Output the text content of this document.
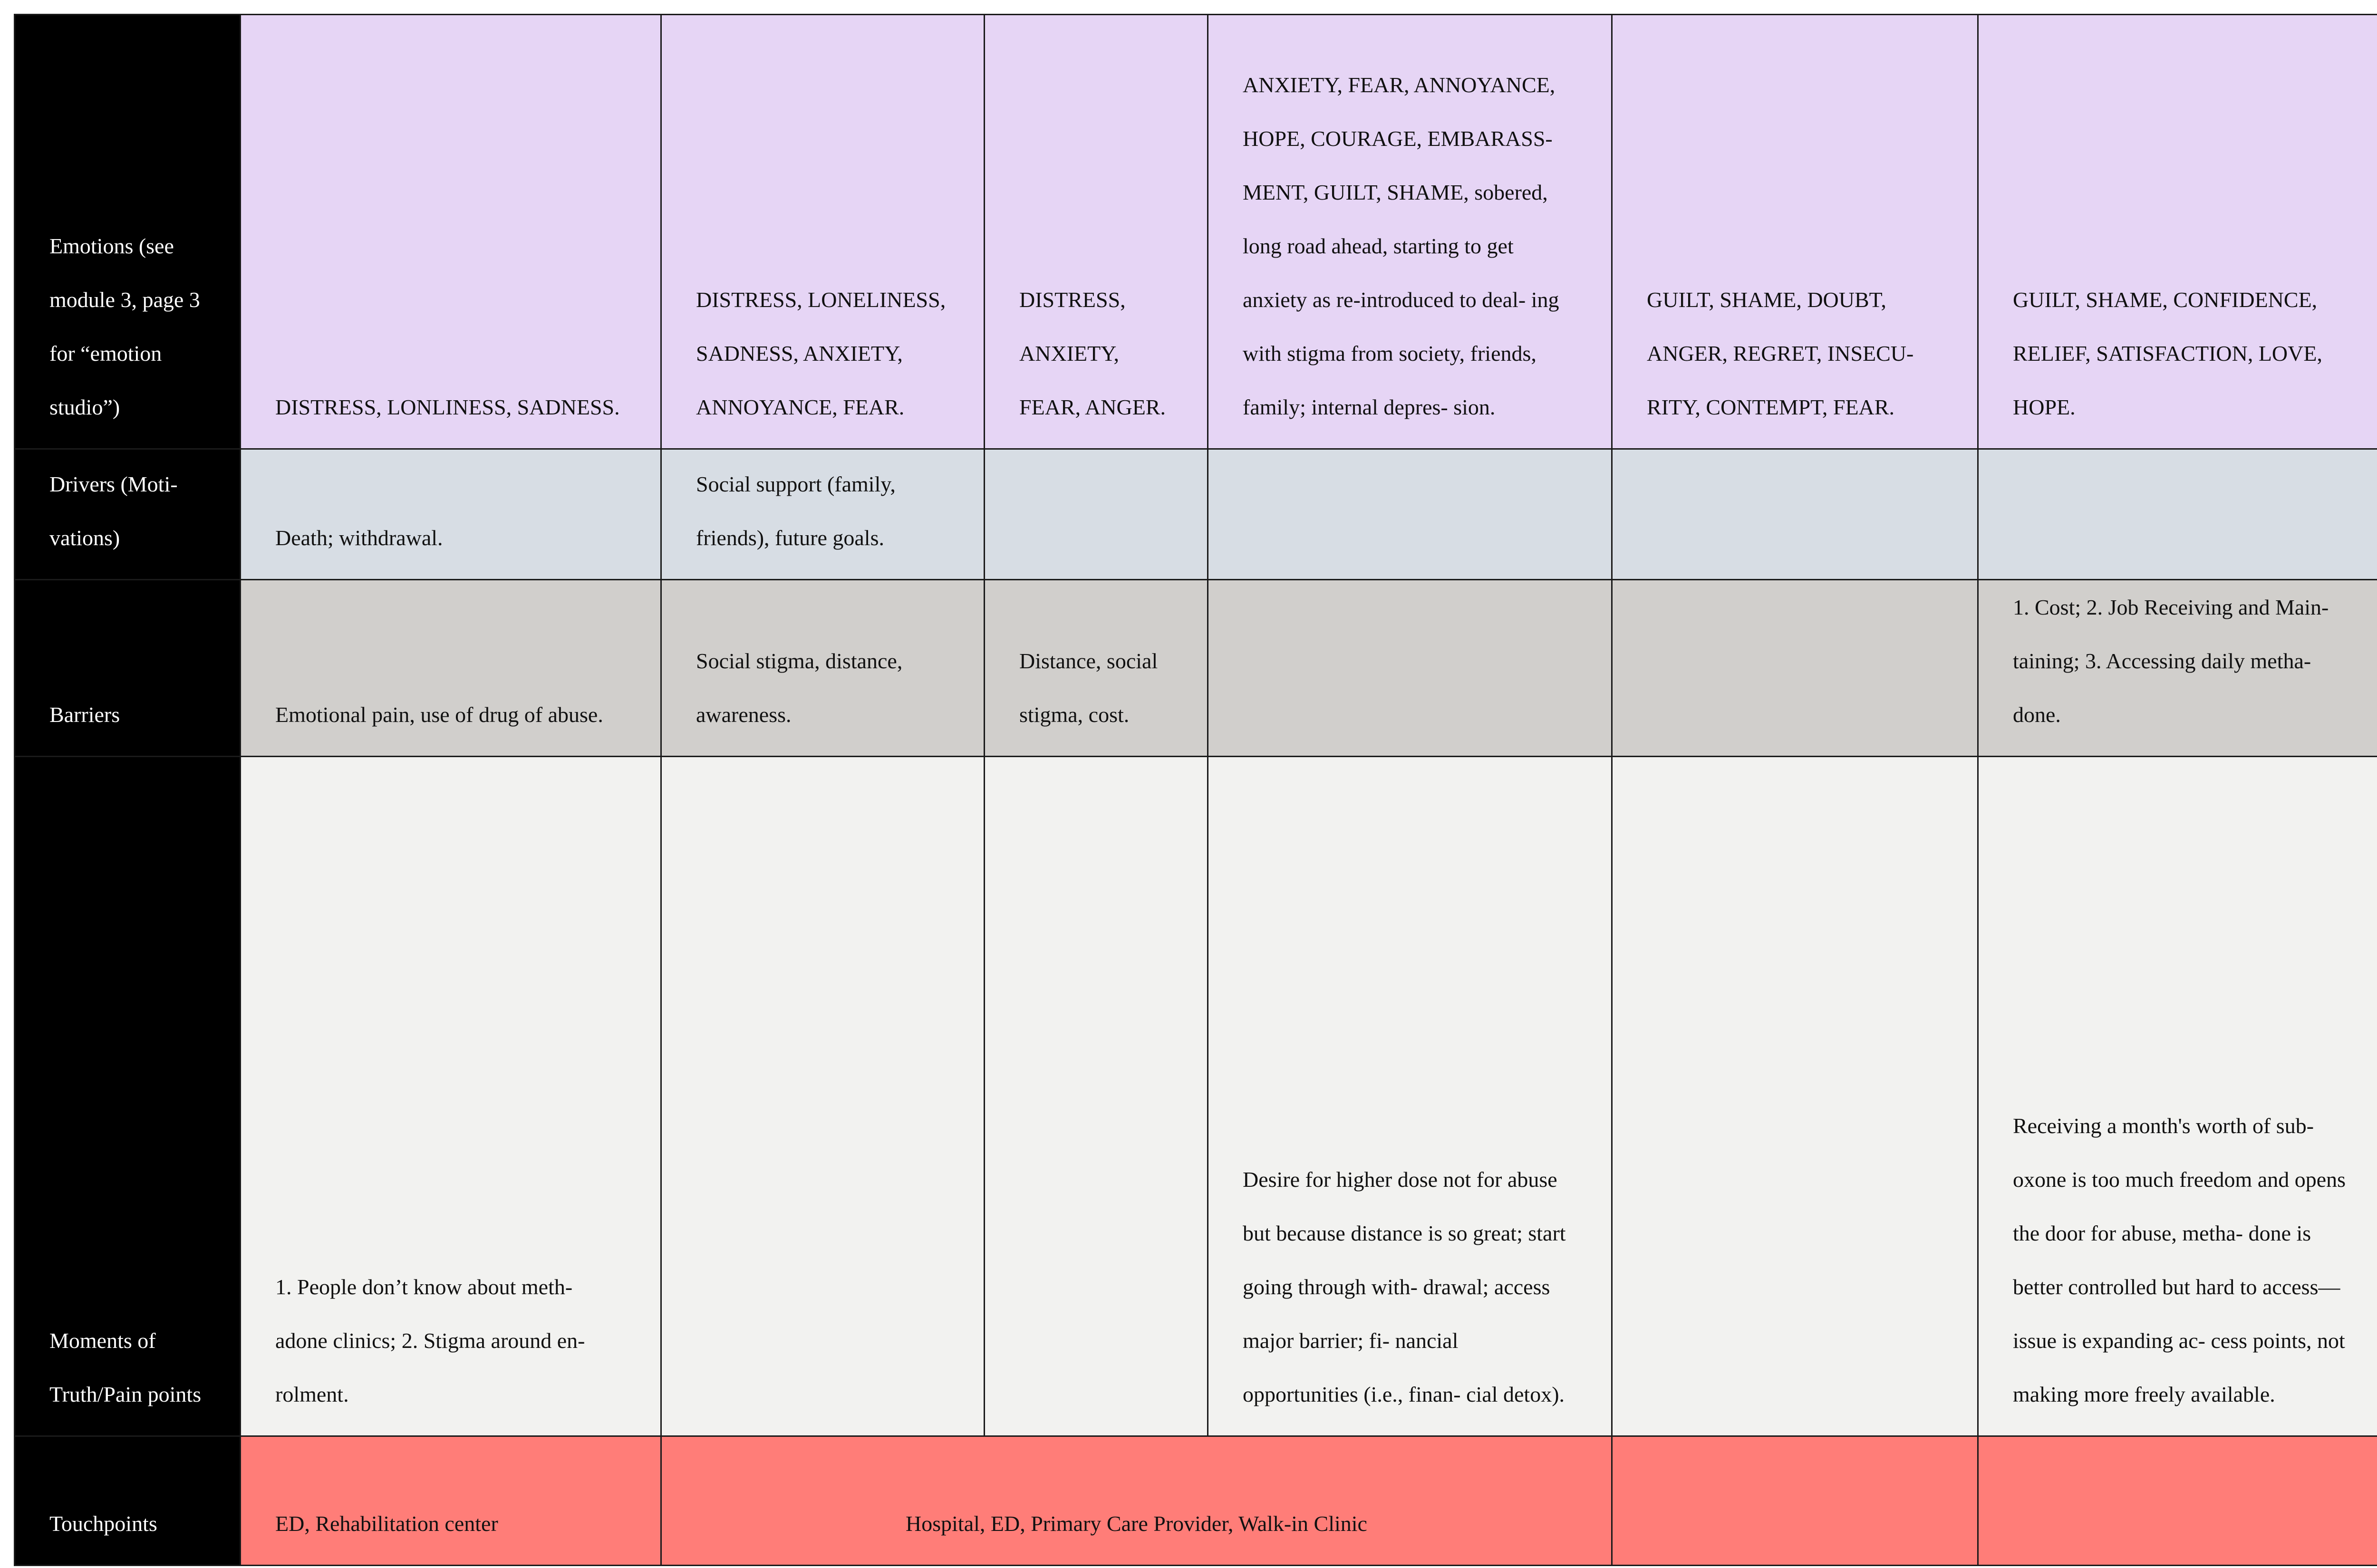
Emotions (see module 3, page 3 for “emotion studio”)	DISTRESS, LONLINESS, SADNESS.	DISTRESS, LONELINESS, SADNESS, ANXIETY, ANNOYANCE, FEAR.	DISTRESS, ANXIETY, FEAR, ANGER.	ANXIETY, FEAR, ANNOYANCE, HOPE, COURAGE, EMBARASS- MENT, GUILT, SHAME, sobered, long road ahead, starting to get anxiety as re-introduced to deal- ing with stigma from society, friends, family; internal depres- sion.	GUILT, SHAME, DOUBT, ANGER, REGRET, INSECU- RITY, CONTEMPT, FEAR.	GUILT, SHAME, CONFIDENCE, RELIEF, SATISFACTION, LOVE, HOPE.
Drivers (Moti- vations)	Death; withdrawal.	Social support (family, friends), future goals.				
Barriers	Emotional pain, use of drug of abuse.	Social stigma, distance, awareness.	Distance, social stigma, cost.			1. Cost; 2. Job Receiving and Main- taining; 3. Accessing daily metha- done.
Moments of Truth/Pain points	1. People don’t know about meth- adone clinics; 2. Stigma around en- rolment.			Desire for higher dose not for abuse but because distance is so great; start going through with- drawal; access major barrier; fi- nancial opportunities (i.e., finan- cial detox).		Receiving a month's worth of sub- oxone is too much freedom and opens the door for abuse, metha- done is better controlled but hard to access—issue is expanding ac- cess points, not making more freely available.
Touchpoints	ED, Rehabilitation center	Hospital, ED, Primary Care Provider, Walk-in Clinic				
